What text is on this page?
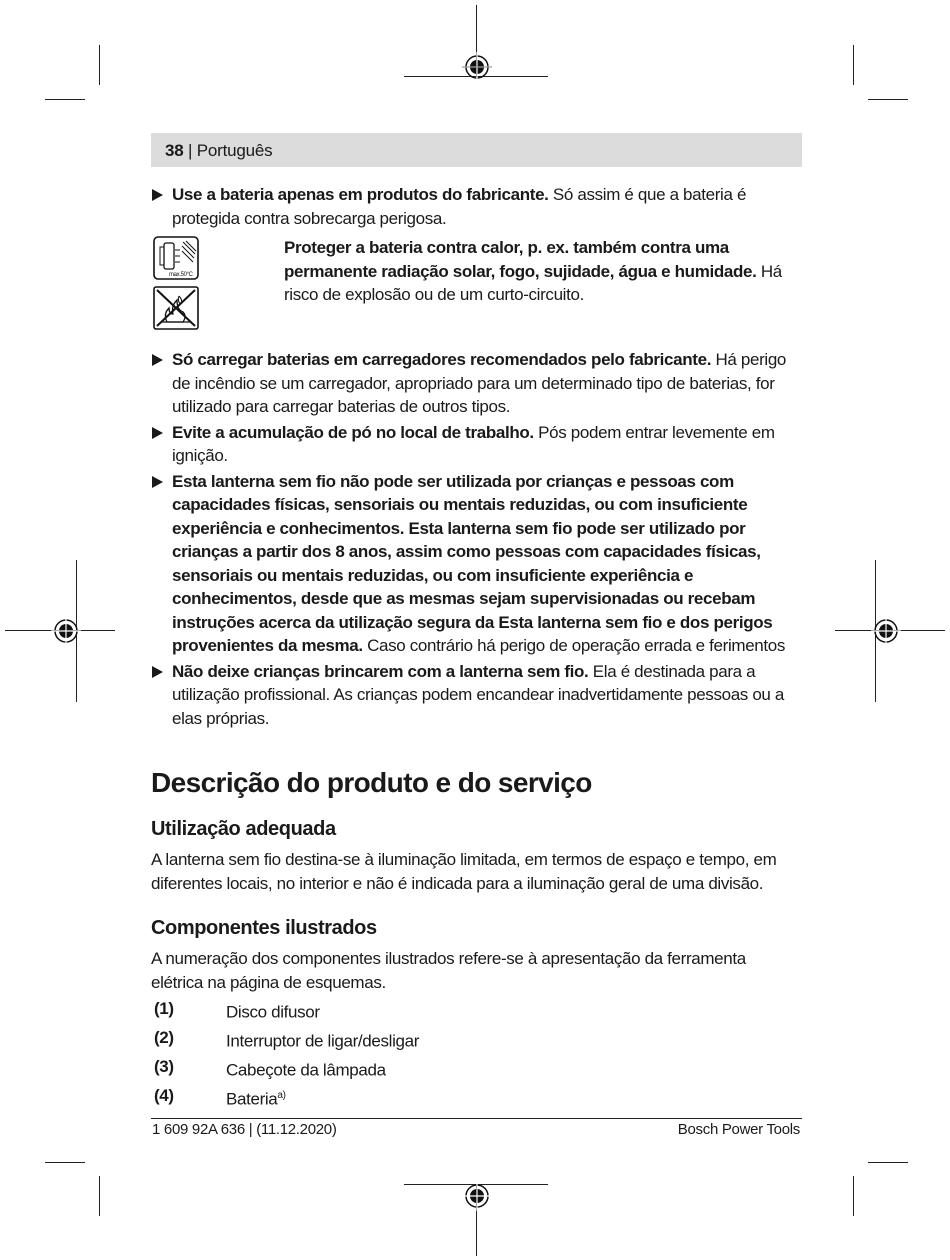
38 | Português
Use a bateria apenas em produtos do fabricante. Só assim é que a bateria é protegida contra sobrecarga perigosa.
max.50°C
Proteger a bateria contra calor, p. ex. também contra uma permanente radiação solar, fogo, sujidade, água e humidade. Há risco de explosão ou de um curto-circuito.
Só carregar baterias em carregadores recomendados pelo fabricante. Há perigo de incêndio se um carregador, apropriado para um determinado tipo de baterias, for utilizado para carregar baterias de outros tipos.
Evite a acumulação de pó no local de trabalho. Pós podem entrar levemente em ignição.
Esta lanterna sem fio não pode ser utilizada por crianças e pessoas com capacidades físicas, sensoriais ou mentais reduzidas, ou com insuficiente experiência e conhecimentos. Esta lanterna sem fio pode ser utilizado por crianças a partir dos 8 anos, assim como pessoas com capacidades físicas, sensoriais ou mentais reduzidas, ou com insuficiente experiência e conhecimentos, desde que as mesmas sejam supervisionadas ou recebam instruções acerca da utilização segura da Esta lanterna sem fio e dos perigos provenientes da mesma. Caso contrário há perigo de operação errada e ferimentos
Não deixe crianças brincarem com a lanterna sem fio. Ela é destinada para a utilização profissional. As crianças podem encandear inadvertidamente pessoas ou a elas próprias.
Descrição do produto e do serviço
Utilização adequada

A lanterna sem fio destina-se à iluminação limitada, em termos de espaço e tempo, em diferentes locais, no interior e não é indicada para a iluminação geral de uma divisão.

Componentes ilustrados

A numeração dos componentes ilustrados refere-se à apresentação da ferramenta elétrica na página de esquemas.

(1)	Disco difusor
(2)	Interruptor de ligar/desligar
(3)	Cabeçote da lâmpada
(4)	Bateria$^{a)}$
1 609 92A 636 | (11.12.2020)	Bosch Power Tools
